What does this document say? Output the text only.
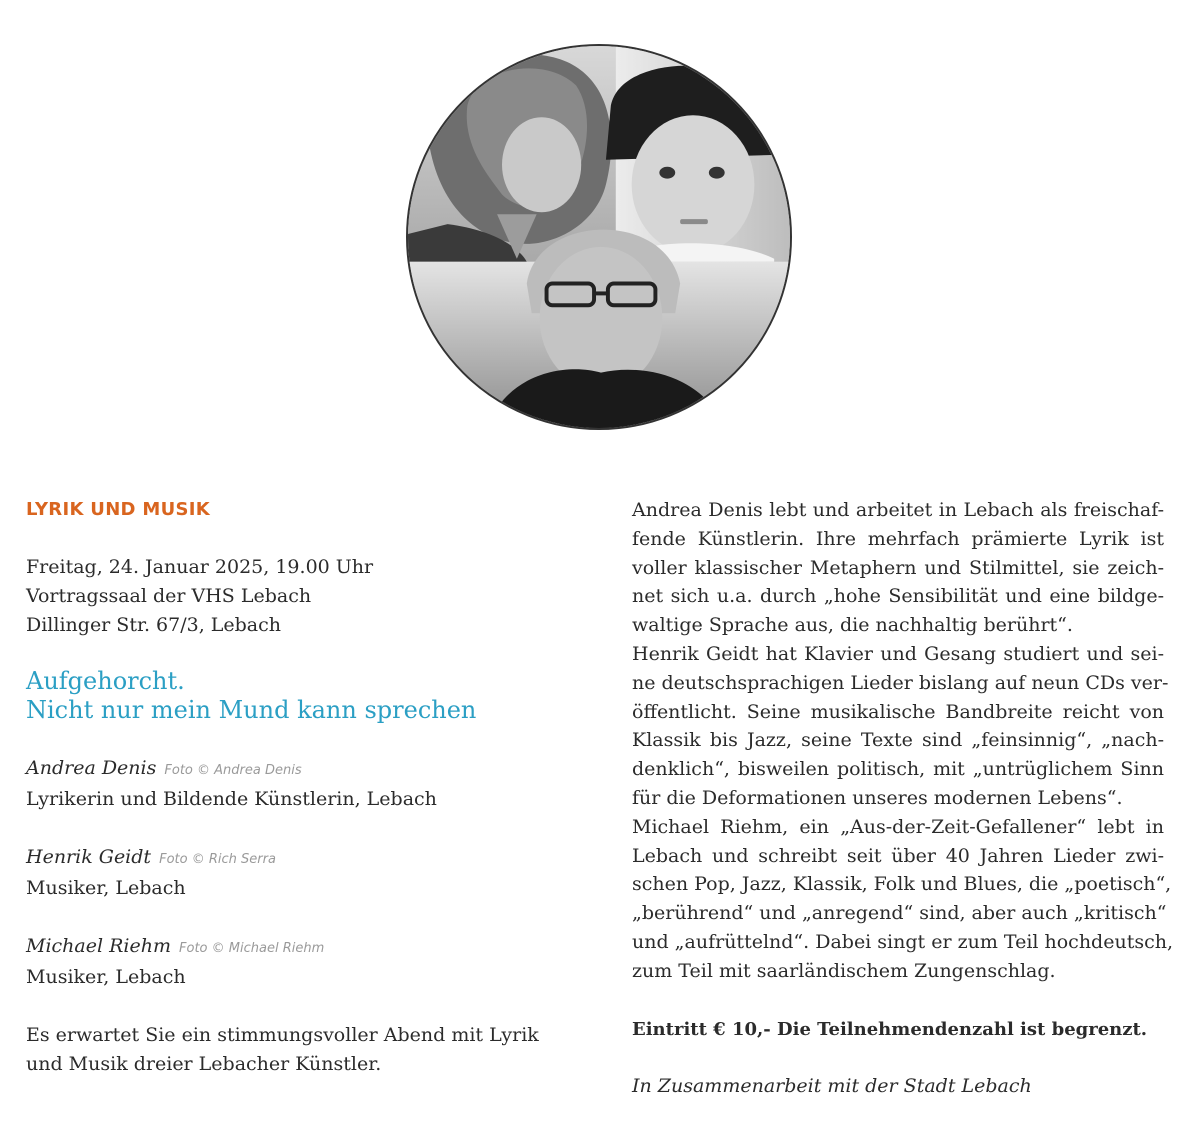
LYRIK UND MUSIK
Freitag, 24. Januar 2025, 19.00 Uhr
Vortragssaal der VHS Lebach
Dillinger Str. 67/3, Lebach
Aufgehorcht.
Nicht nur mein Mund kann sprechen
Andrea Denis Foto © Andrea Denis
Lyrikerin und Bildende Künstlerin, Lebach
Henrik Geidt Foto © Rich Serra
Musiker, Lebach
Michael Riehm Foto © Michael Riehm
Musiker, Lebach
Es erwartet Sie ein stimmungsvoller Abend mit Lyrik
und Musik dreier Lebacher Künstler.
Andrea Denis lebt und arbeitet in Lebach als freischaf-
fende Künstlerin. Ihre mehrfach prämierte Lyrik ist
voller klassischer Metaphern und Stilmittel, sie zeich-
net sich u.a. durch „hohe Sensibilität und eine bildge-
waltige Sprache aus, die nachhaltig berührt“.
Henrik Geidt hat Klavier und Gesang studiert und sei-
ne deutschsprachigen Lieder bislang auf neun CDs ver-
öffentlicht. Seine musikalische Bandbreite reicht von
Klassik bis Jazz, seine Texte sind „feinsinnig“, „nach-
denklich“, bisweilen politisch, mit „untrüglichem Sinn
für die Deformationen unseres modernen Lebens“.
Michael Riehm, ein „Aus-der-Zeit-Gefallener“ lebt in
Lebach und schreibt seit über 40 Jahren Lieder zwi-
schen Pop, Jazz, Klassik, Folk und Blues, die „poetisch“,
„berührend“ und „anregend“ sind, aber auch „kritisch“
und „aufrüttelnd“. Dabei singt er zum Teil hochdeutsch,
zum Teil mit saarländischem Zungenschlag.
Eintritt € 10,- Die Teilnehmendenzahl ist begrenzt.
In Zusammenarbeit mit der Stadt Lebach
